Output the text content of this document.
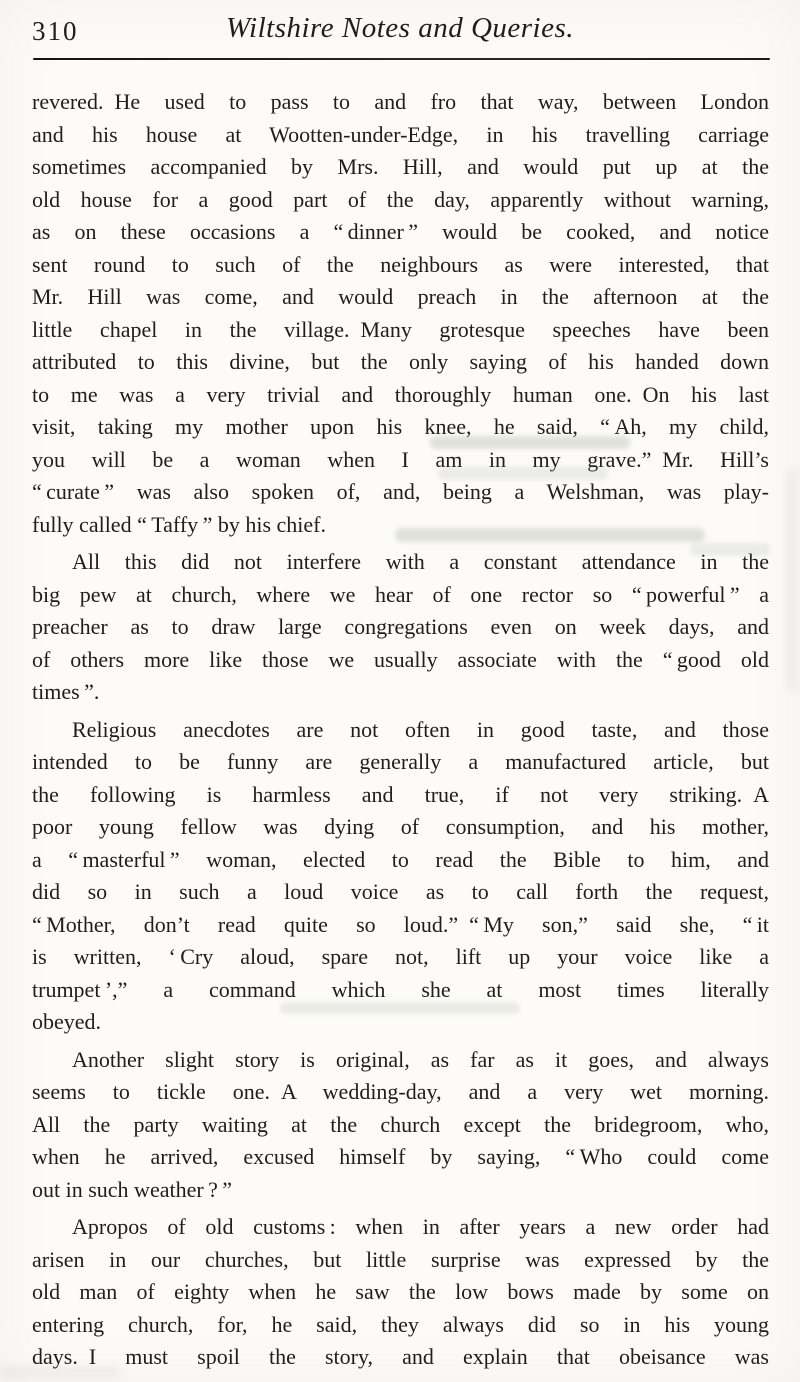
310	Wiltshire Notes and Queries.
revered. He used to pass to and fro that way, between London
and his house at Wootten-under-Edge, in his travelling carriage
sometimes accompanied by Mrs. Hill, and would put up at the
old house for a good part of the day, apparently without warning,
as on these occasions a “ dinner ” would be cooked, and notice
sent round to such of the neighbours as were interested, that
Mr. Hill was come, and would preach in the afternoon at the
little chapel in the village. Many grotesque speeches have been
attributed to this divine, but the only saying of his handed down
to me was a very trivial and thoroughly human one. On his last
visit, taking my mother upon his knee, he said, “ Ah, my child,
you will be a woman when I am in my grave.” Mr. Hill’s
“ curate ” was also spoken of, and, being a Welshman, was play-
fully called “ Taffy ” by his chief.
All this did not interfere with a constant attendance in the
big pew at church, where we hear of one rector so “ powerful ” a
preacher as to draw large congregations even on week days, and
of others more like those we usually associate with the “ good old
times ”.
Religious anecdotes are not often in good taste, and those
intended to be funny are generally a manufactured article, but
the following is harmless and true, if not very striking. A
poor young fellow was dying of consumption, and his mother,
a “ masterful ” woman, elected to read the Bible to him, and
did so in such a loud voice as to call forth the request,
“ Mother, don’t read quite so loud.” “ My son,” said she, “ it
is written, ‘ Cry aloud, spare not, lift up your voice like a
trumpet ’,” a command which she at most times literally
obeyed.
Another slight story is original, as far as it goes, and always
seems to tickle one. A wedding-day, and a very wet morning.
All the party waiting at the church except the bridegroom, who,
when he arrived, excused himself by saying, “ Who could come
out in such weather ? ”
Apropos of old customs : when in after years a new order had
arisen in our churches, but little surprise was expressed by the
old man of eighty when he saw the low bows made by some on
entering church, for, he said, they always did so in his young
days. I must spoil the story, and explain that obeisance was
